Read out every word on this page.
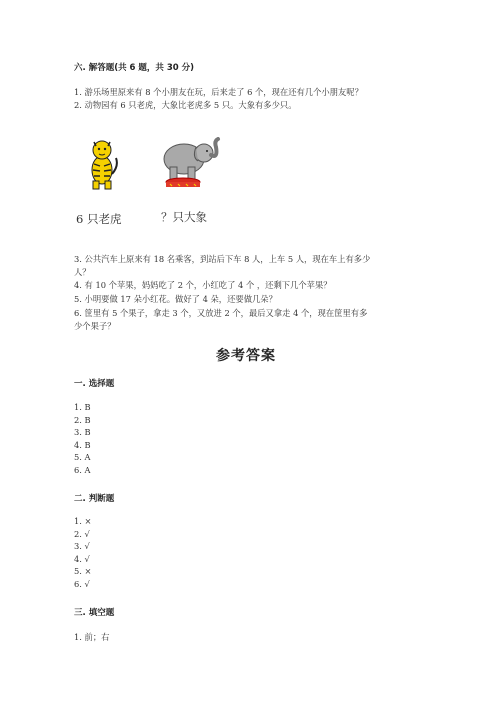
六. 解答题(共 6 题，共 30 分)
1. 游乐场里原来有 8 个小朋友在玩，后来走了 6 个，现在还有几个小朋友呢？
2. 动物园有 6 只老虎，大象比老虎多 5 只。大象有多少只。
6 只老虎	？只大象
3. 公共汽车上原来有 18 名乘客，到站后下车 8 人，上车 5 人，现在车上有多少
人？
4. 有 10 个苹果，妈妈吃了 2 个，小红吃了 4 个 ，还剩下几个苹果？
5. 小明要做 17 朵小红花。做好了 4 朵，还要做几朵？
6. 筐里有 5 个果子，拿走 3 个，又放进 2 个，最后又拿走 4 个，现在筐里有多
少个果子？
参考答案
一. 选择题
1. B
2. B
3. B
4. B
5. A
6. A
二. 判断题
1. ×
2. √
3. √
4. √
5. ×
6. √
三. 填空题
1. 前；右
